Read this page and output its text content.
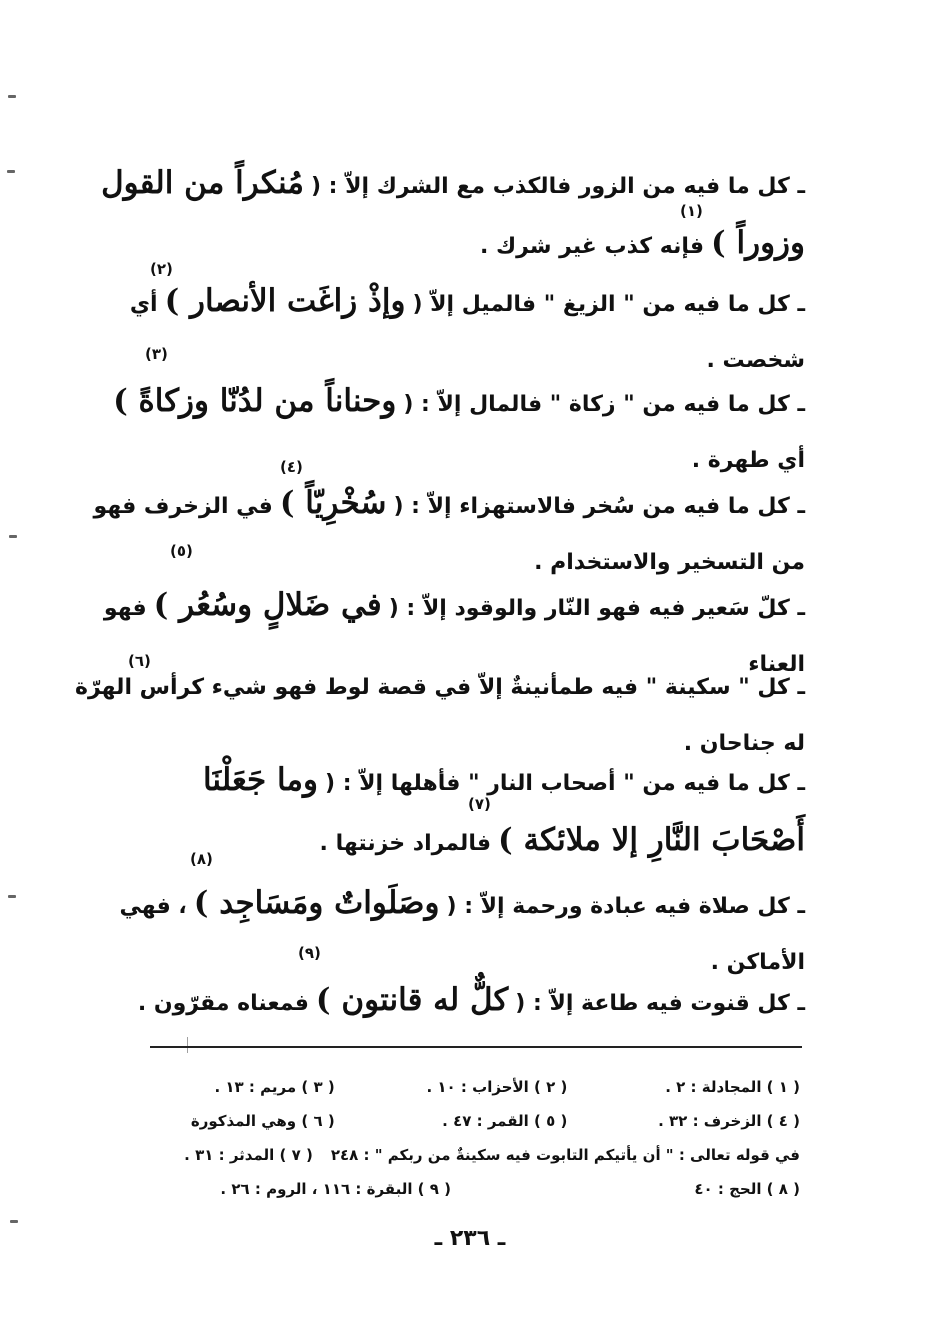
ـ كل ما فيه من الزور فالكذب مع الشرك إلاّ : ( مُنكراً من القول
وزوراً ) فإنه كذب غير شرك .
(١)
ـ كل ما فيه من " الزيغ " فالميل إلاّ ( وإذْ زاغَت الأنصار ) أي
شخصت .
(٢)
ـ كل ما فيه من " زكاة " فالمال إلاّ : ( وحناناً من لدُنّا وزكاةً )
أي طهرة .
(٣)
ـ كل ما فيه من سُخر فالاستهزاء إلاّ : ( سُخْرِيّاً ) في الزخرف فهو
من التسخير والاستخدام .
(٤)
ـ كلّ سَعير فيه فهو النّار والوقود إلاّ : ( في ضَلالٍ وسُعُر ) فهو
العناء
(٥)
ـ كل " سكينة " فيه طمأنينةٌ إلاّ في قصة لوط فهو شيء كرأس الهرّة
له جناحان .
(٦)
ـ كل ما فيه من " أصحاب النار " فأهلها إلاّ : ( وما جَعَلْنَا
أَصْحَابَ النَّارِ إلا ملائكة ) فالمراد خزنتها .
(٧)
ـ كل صلاة فيه عبادة ورحمة إلاّ : ( وصَلَواتٌ ومَسَاجِد ) ، فهي
الأماكن .
(٨)
ـ كل قنوت فيه طاعة إلاّ : ( كلٌّ له قانتون ) فمعناه مقرّون .
(٩)
( ١ ) المجادلة : ٢ .
( ٢ ) الأحزاب : ١٠ .
( ٣ ) مريم : ١٣ .
( ٤ ) الزخرف : ٣٢ .
( ٥ ) القمر : ٤٧ .
( ٦ ) وهي المذكورة
في قوله تعالى : " أن يأتيكم التابوت فيه سكينةٌ من ربكم " : ٢٤٨
( ٧ ) المدثر : ٣١ .
( ٨ ) الحج : ٤٠
( ٩ ) البقرة : ١١٦ ، الروم : ٢٦ .
ـ ٢٣٦ ـ
